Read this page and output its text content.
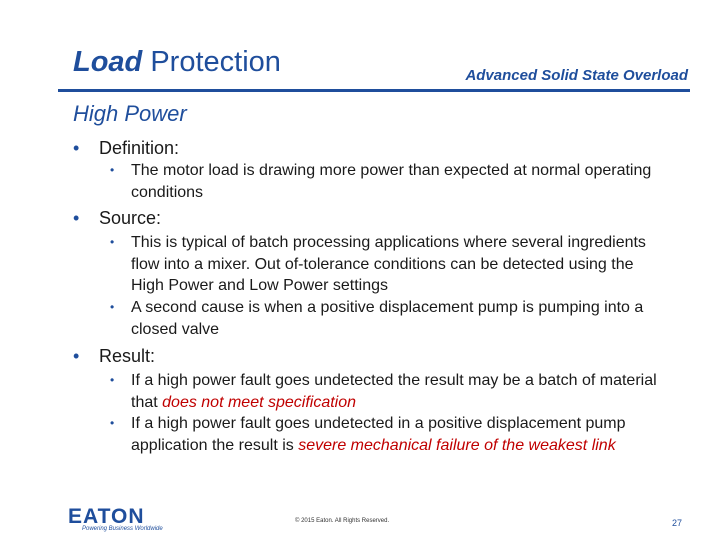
Load Protection	Advanced Solid State Overload
High Power
• Definition:
• The motor load is drawing more power than expected at normal operating conditions
• Source:
• This is typical of batch processing applications where several ingredients flow into a mixer. Out of-tolerance conditions can be detected using the High Power and Low Power settings
• A second cause is when a positive displacement pump is pumping into a closed valve
• Result:
• If a high power fault goes undetected the result may be a batch of material that does not meet specification
• If a high power fault goes undetected in a positive displacement pump application the result is severe mechanical failure of the weakest link
EATON
Powering Business Worldwide
© 2015 Eaton. All Rights Reserved.	27
